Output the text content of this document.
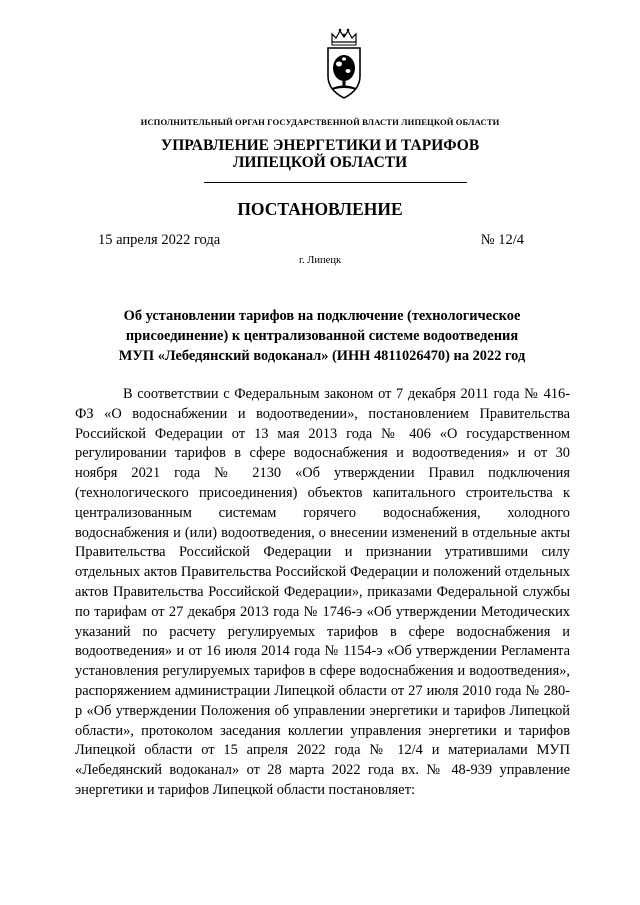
ИСПОЛНИТЕЛЬНЫЙ ОРГАН ГОСУДАРСТВЕННОЙ ВЛАСТИ ЛИПЕЦКОЙ ОБЛАСТИ
УПРАВЛЕНИЕ ЭНЕРГЕТИКИ И ТАРИФОВ
ЛИПЕЦКОЙ ОБЛАСТИ
ПОСТАНОВЛЕНИЕ
15 апреля 2022 года	№ 12/4
г. Липецк
Об установлении тарифов на подключение (технологическое
присоединение) к централизованной системе водоотведения
МУП «Лебедянский водоканал» (ИНН 4811026470) на 2022 год
В соответствии с Федеральным законом от 7 декабря 2011 года № 416-ФЗ «О водоснабжении и водоотведении», постановлением Правительства Российской Федерации от 13 мая 2013 года № 406 «О государственном регулировании тарифов в сфере водоснабжения и водоотведения» и от 30 ноября 2021 года № 2130 «Об утверждении Правил подключения (технологического присоединения) объектов капитального строительства к централизованным системам горячего водоснабжения, холодного водоснабжения и (или) водоотведения, о внесении изменений в отдельные акты Правительства Российской Федерации и признании утратившими силу отдельных актов Правительства Российской Федерации и положений отдельных актов Правительства Российской Федерации», приказами Федеральной службы по тарифам от 27 декабря 2013 года № 1746-э «Об утверждении Методических указаний по расчету регулируемых тарифов в сфере водоснабжения и водоотведения» и от 16 июля 2014 года № 1154-э «Об утверждении Регламента установления регулируемых тарифов в сфере водоснабжения и водоотведения», распоряжением администрации Липецкой области от 27 июля 2010 года № 280-р «Об утверждении Положения об управлении энергетики и тарифов Липецкой области», протоколом заседания коллегии управления энергетики и тарифов Липецкой области от 15 апреля 2022 года № 12/4 и материалами МУП «Лебедянский водоканал» от 28 марта 2022 года вх. № 48-939 управление энергетики и тарифов Липецкой области постановляет:
